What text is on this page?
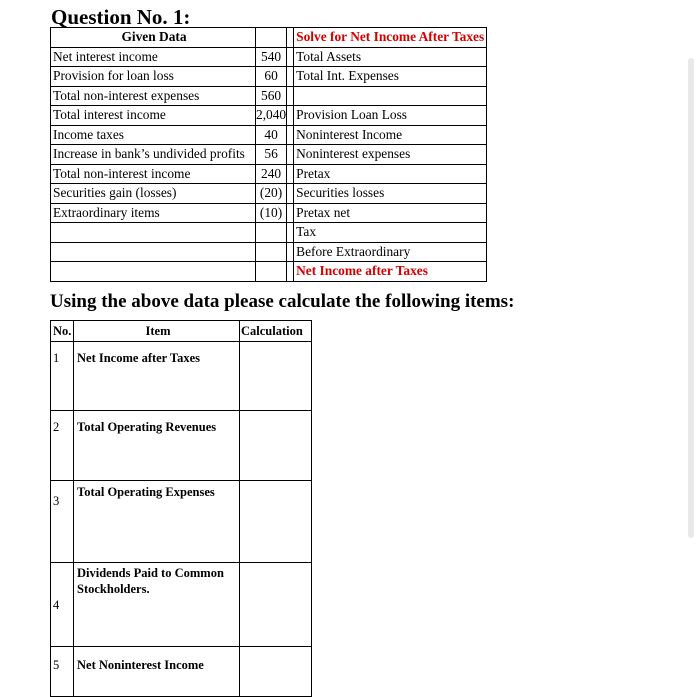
Question No. 1:
Given Data			Solve for Net Income After Taxes
Net interest income	540		Total Assets
Provision for loan loss	60		Total Int. Expenses
Total non-interest expenses	560		
Total interest income	2,040		Provision Loan Loss
Income taxes	40		Noninterest Income
Increase in bank’s undivided profits	56		Noninterest expenses
Total non-interest income	240		Pretax
Securities gain (losses)	(20)		Securities losses
Extraordinary items	(10)		Pretax net
			Tax
			Before Extraordinary
			Net Income after Taxes
Using the above data please calculate the following items:
No.	Item	Calculation
1	Net Income after Taxes	
2	Total Operating Revenues	
3	Total Operating Expenses	
4	Dividends Paid to Common Stockholders.	
5	Net Noninterest Income	
